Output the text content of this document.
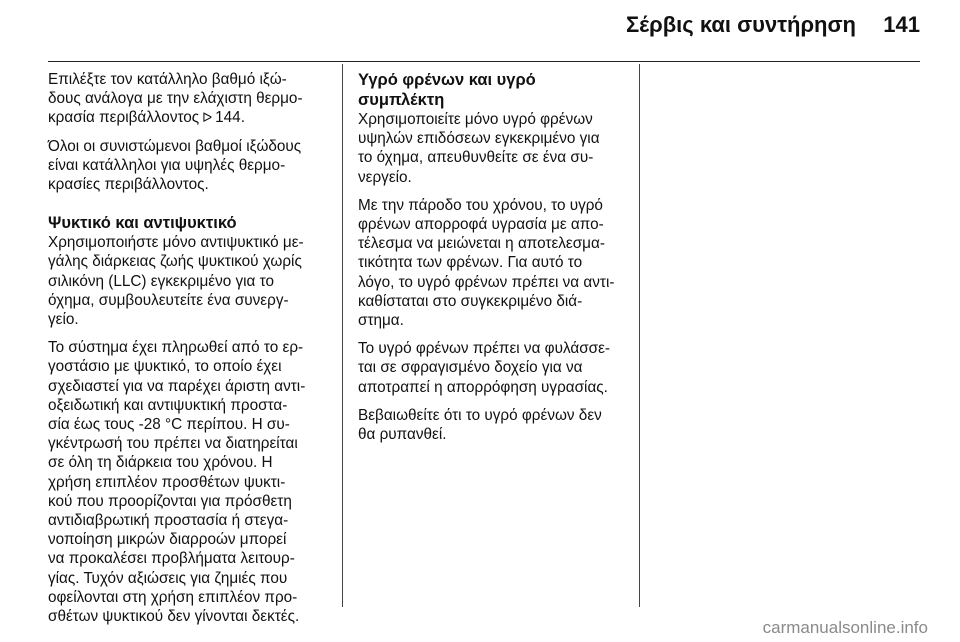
Σέρβις και συντήρηση 141

Επιλέξτε τον κατάλληλο βαθμό ιξώ-
δους ανάλογα με την ελάχιστη θερμο-
κρασία περιβάλλοντος ᐅ 144.

Όλοι οι συνιστώμενοι βαθμοί ιξώδους
είναι κατάλληλοι για υψηλές θερμο-
κρασίες περιβάλλοντος.

Ψυκτικό και αντιψυκτικό

Χρησιμοποιήστε μόνο αντιψυκτικό με-
γάλης διάρκειας ζωής ψυκτικού χωρίς
σιλικόνη (LLC) εγκεκριμένο για το
όχημα, συμβουλευτείτε ένα συνεργ-
γείο.

Το σύστημα έχει πληρωθεί από το ερ-
γοστάσιο με ψυκτικό, το οποίο έχει
σχεδιαστεί για να παρέχει άριστη αντι-
οξειδωτική και αντιψυκτική προστα-
σία έως τους -28 °C περίπου. Η συ-
γκέντρωσή του πρέπει να διατηρείται
σε όλη τη διάρκεια του χρόνου. Η
χρήση επιπλέον προσθέτων ψυκτι-
κού που προορίζονται για πρόσθετη
αντιδιαβρωτική προστασία ή στεγα-
νοποίηση μικρών διαρροών μπορεί
να προκαλέσει προβλήματα λειτουρ-
γίας. Τυχόν αξιώσεις για ζημιές που
οφείλονται στη χρήση επιπλέον προ-
σθέτων ψυκτικού δεν γίνονται δεκτές.

Υγρό φρένων και υγρό
συμπλέκτη

Χρησιμοποιείτε μόνο υγρό φρένων
υψηλών επιδόσεων εγκεκριμένο για
το όχημα, απευθυνθείτε σε ένα συ-
νεργείο.

Με την πάροδο του χρόνου, το υγρό
φρένων απορροφά υγρασία με απο-
τέλεσμα να μειώνεται η αποτελεσμα-
τικότητα των φρένων. Για αυτό το
λόγο, το υγρό φρένων πρέπει να αντι-
καθίσταται στο συγκεκριμένο διά-
στημα.

Το υγρό φρένων πρέπει να φυλάσσε-
ται σε σφραγισμένο δοχείο για να
αποτραπεί η απορρόφηση υγρασίας.

Βεβαιωθείτε ότι το υγρό φρένων δεν
θα ρυπανθεί.

carmanualsonline.info
